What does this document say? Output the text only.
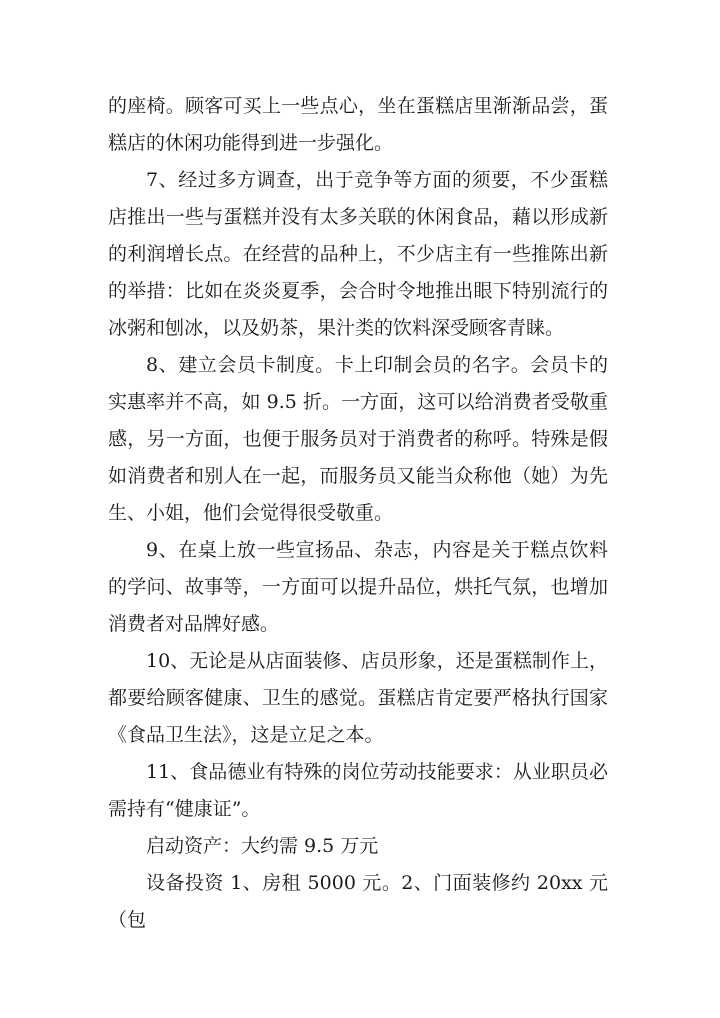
的座椅。顾客可买上一些点心，坐在蛋糕店里渐渐品尝，蛋糕店的休闲功能得到进一步强化。

7、经过多方调查，出于竞争等方面的须要，不少蛋糕店推出一些与蛋糕并没有太多关联的休闲食品，藉以形成新的利润增长点。在经营的品种上，不少店主有一些推陈出新的举措：比如在炎炎夏季，会合时令地推出眼下特别流行的冰粥和刨冰，以及奶茶，果汁类的饮料深受顾客青睐。

8、建立会员卡制度。卡上印制会员的名字。会员卡的实惠率并不高，如 9.5 折。一方面，这可以给消费者受敬重感，另一方面，也便于服务员对于消费者的称呼。特殊是假如消费者和别人在一起，而服务员又能当众称他（她）为先生、小姐，他们会觉得很受敬重。

9、在桌上放一些宣扬品、杂志，内容是关于糕点饮料的学问、故事等，一方面可以提升品位，烘托气氛，也增加消费者对品牌好感。

10、无论是从店面装修、店员形象，还是蛋糕制作上，都要给顾客健康、卫生的感觉。蛋糕店肯定要严格执行国家《食品卫生法》，这是立足之本。

11、食品德业有特殊的岗位劳动技能要求：从业职员必需持有“健康证”。

启动资产：大约需 9.5 万元

设备投资 1、房租 5000 元。2、门面装修约 20xx 元（包
